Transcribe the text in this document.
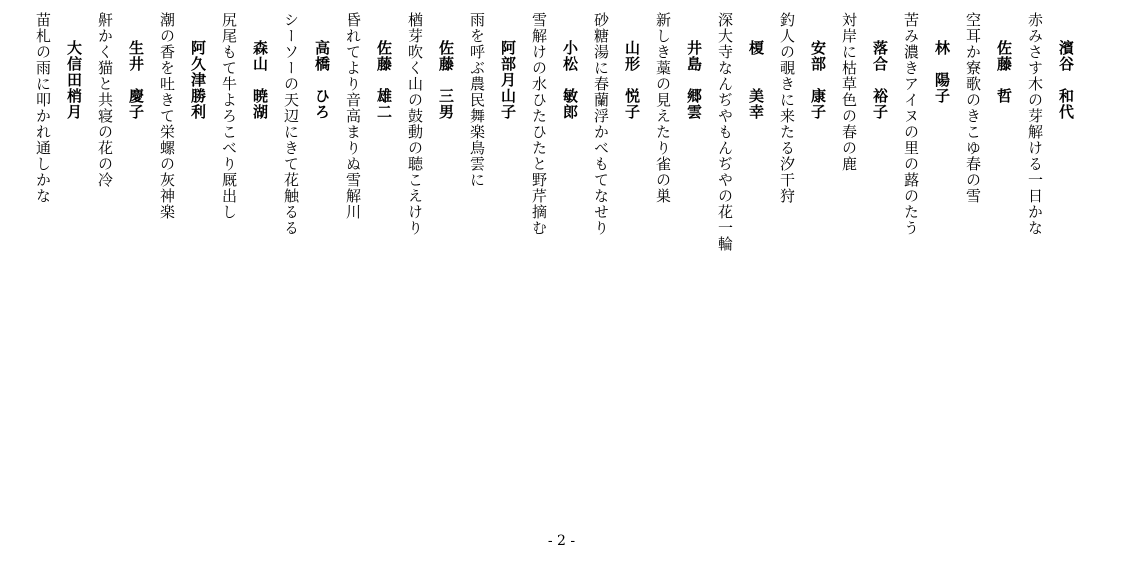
濱谷　和代
赤みさす木の芽解ける一日かな
佐藤　哲
空耳か寮歌のきこゆ春の雪
林　陽子
苦み濃きアイヌの里の蕗のたう
落合　裕子
対岸に枯草色の春の鹿
安部　康子
釣人の覗きに来たる汐干狩
榎　　美幸
深大寺なんぢやもんぢやの花一輪
井島　郷雲
新しき藁の見えたり雀の巣
山形　悦子
砂糖湯に春蘭浮かべもてなせり
小松　敏郎
雪解けの水ひたひたと野芹摘む
阿部月山子
雨を呼ぶ農民舞楽鳥雲に
佐藤　三男
楢芽吹く山の鼓動の聴こえけり
佐藤　雄二
昏れてより音高まりぬ雪解川
高橋　ひろ
シーソーの天辺にきて花触るる
森山　暁湖
尻尾もて牛よろこべり厩出し
阿久津勝利
潮の香を吐きて栄螺の灰神楽
生井　慶子
鼾かく猫と共寝の花の冷
大信田梢月
苗札の雨に叩かれ通しかな
- 2 -
